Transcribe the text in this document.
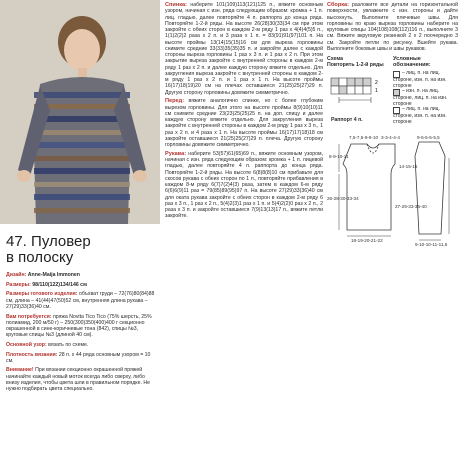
47. Пуловер
в полоску

Дизайн: Anne-Maija Immonen

Размеры: 98/110(122)134/146 см

Размеры готового изделия: объхват груди – 72(76)80(84)88 см, длина – 41(44)47(50)52 см, внутренняя длина рукава – 27(29)33(36)40 см.

Вам потребуется: пряжа Novita Tico Tico (75% шерсть, 25% полиамид, 200 м/50 г) – 250(300)350(400)400 г секционно окрашенной в сине-коричневые тона (842), спицы №3, круговые спицы №3 (длиной 40 см).

Основной узор: вязать по схеме.

Плотность вязания: 28 п. x 44 ряда основным узором = 10 см.

Внимание! При вязании секционно окрашенной пряжей начинайте каждый новый моток всегда либо сверху, либо внизу изделия, чтобы цвета шли в правильном порядке. Не нужно подбирать цвета специально.

Спинка: наберите 101(109)113(121)125 п., вяжите основным узором, начиная с изн. ряда следующим образом: кромка + 1 п. лиц. гладью, далее повторяйте 4 п. раппорта до конца ряда. Повторяйте 1-2-й ряды. На высоте 26(28)30(33)34 см при этом закройте с обеих сторон в каждом 2-м ряду 1 раз x 4(4)4(5)5 п., 1(1)2(2)2 раза x 2 п. и 3 раза x 1 п. = 83(91)91(97)101 п. На высоте проймы 13(14)15(15)16 см для выреза горловины снимите средние 33(33)35(35)35 п. и закройте далее с каждой стороны выреза горловины 1 раз x 3 п. и 1 раз x 2 п. При этом закрытие выреза закройте с внутренней стороны в каждом 2-м ряду 1 раз x 2 п. и далее каждую сторону вяжите отдельно. Для закругления выреза закройте с внутренней стороны в каждом 2-м ряду 1 раз x 2 п. и 1 раз x 1 п. На высоте проймы 16(17)18(19)20 см на плечах оставшиеся 21(25)25(27)29 п. Другую сторону горловины довяжите симметрично.

Перед: вяжите аналогично спинке, но с более глубоким вырезом горловины. Для этого на высоте проймы 8(9)10(10)11 см снимите средние 23(23)25(25)25 п. на доп. спицу и далее каждую сторону вяжите отдельно. Для закругления выреза закройте с внутренней стороны в каждом 2-м ряду 1 раз x 3 п., 1 раз x 2 п. и 4 раза x 1 п. На высоте проймы 16(17)17(18)18 см закройте оставшиеся 21(25)25(27)29 п. плеча. Другую сторону горловины довяжите симметрично.

Рукава: наберите 53(57)61(65)69 п., вяжите основным узором, начиная с изн. ряда следующим образом: кромка + 1 п. лицевой гладью, далее повторяйте 4 п. раппорта до конца ряда. Повторяйте 1-2-й ряды. На высоте 6(8)8(8)10 см прибавьте для скосов рукава с обеих сторон по 1 п., повторяйте прибавления в каждом 8-м ряду 6(7)7(2)4(3) раза, затем в каждом 6-м ряду 6(6)6(9)11 раз = 79(85)89(95)97 п. На высоте 27(29)33(36)40 см для оката рукава закройте с обеих сторон в каждом 2-м ряду 6 раз x 3 п., 1 раз x 2 п., 5(4)2(3)1 раз x 1 п. и 5(4)2(2)0 раз x 2 п., 2 раза x 3 п. и закройте оставшиеся 7(9)13(13)17 п., вяжите петли закройте.

Сборка: разложите все детали на горизонтальной поверхности, увлажните с изн. стороны и дайте высохнуть. Выполните плечевые швы. Для горловины по краю выреза горловины наберите на круговые спицы 104(108)108(112)116 п., выполните 3 см. Вяжите вкруговую резинкой 2 x 2 поочередно 3 см. Закройте петли по рисунку. Вшейте рукава. Выполните боковые швы и швы рукавов.

Схема
Повторять 1-2-й ряды
2
1
Раппорт 4 п.
Условные
обозначения:
– лиц. п. на лиц. стороне, изн. п. на изн. стороне
– изн. п. на лиц. стороне, лиц. п. на изн. стороне
– лиц. п. на лиц. стороне, изн. п. на изн. стороне
7,5-7,5-9-9-10 3-3-4-4-4
8-9-10-11
26-28-30-33-34
18-19-20-21-22
9-5-5-5-5,5
14-15-16
27-29-33-36-40
9-10-10-11-11,5
